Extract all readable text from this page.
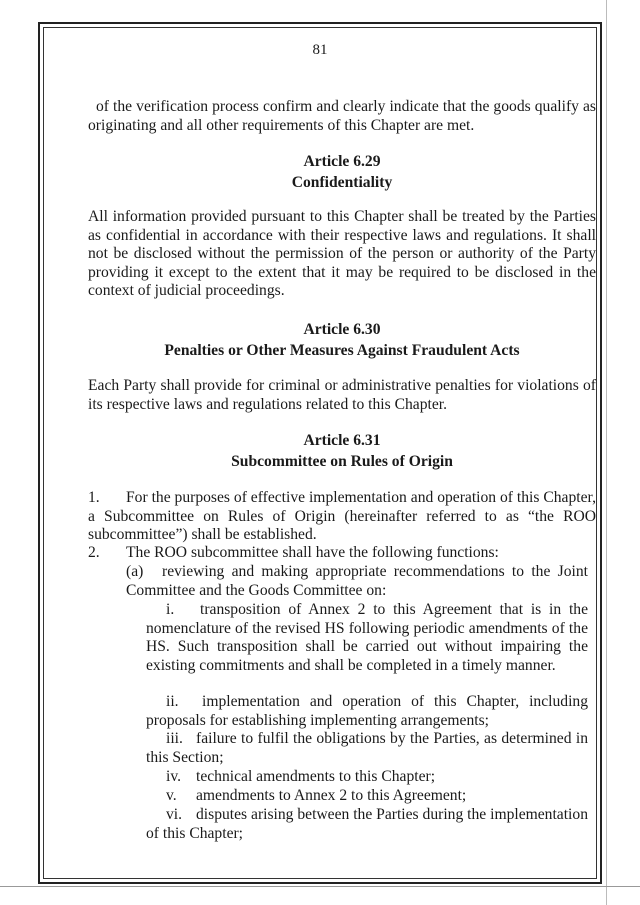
81
of the verification process confirm and clearly indicate that the goods qualify as originating and all other requirements of this Chapter are met.
Article 6.29
Confidentiality
All information provided pursuant to this Chapter shall be treated by the Parties as confidential in accordance with their respective laws and regulations. It shall not be disclosed without the permission of the person or authority of the Party providing it except to the extent that it may be required to be disclosed in the context of judicial proceedings.
Article 6.30
Penalties or Other Measures Against Fraudulent Acts
Each Party shall provide for criminal or administrative penalties for violations of its respective laws and regulations related to this Chapter.
Article 6.31
Subcommittee on Rules of Origin
1.	For the purposes of effective implementation and operation of this Chapter, a Subcommittee on Rules of Origin (hereinafter referred to as “the ROO subcommittee”) shall be established.
2.	The ROO subcommittee shall have the following functions:
(a)	reviewing and making appropriate recommendations to the Joint Committee and the Goods Committee on:
i.	transposition of Annex 2 to this Agreement that is in the nomenclature of the revised HS following periodic amendments of the HS. Such transposition shall be carried out without impairing the existing commitments and shall be completed in a timely manner.
ii.	implementation and operation of this Chapter, including proposals for establishing implementing arrangements;
iii. failure to fulfil the obligations by the Parties, as determined in this Section;
iv. technical amendments to this Chapter;
v.	amendments to Annex 2 to this Agreement;
vi. disputes arising between the Parties during the implementation of this Chapter;
